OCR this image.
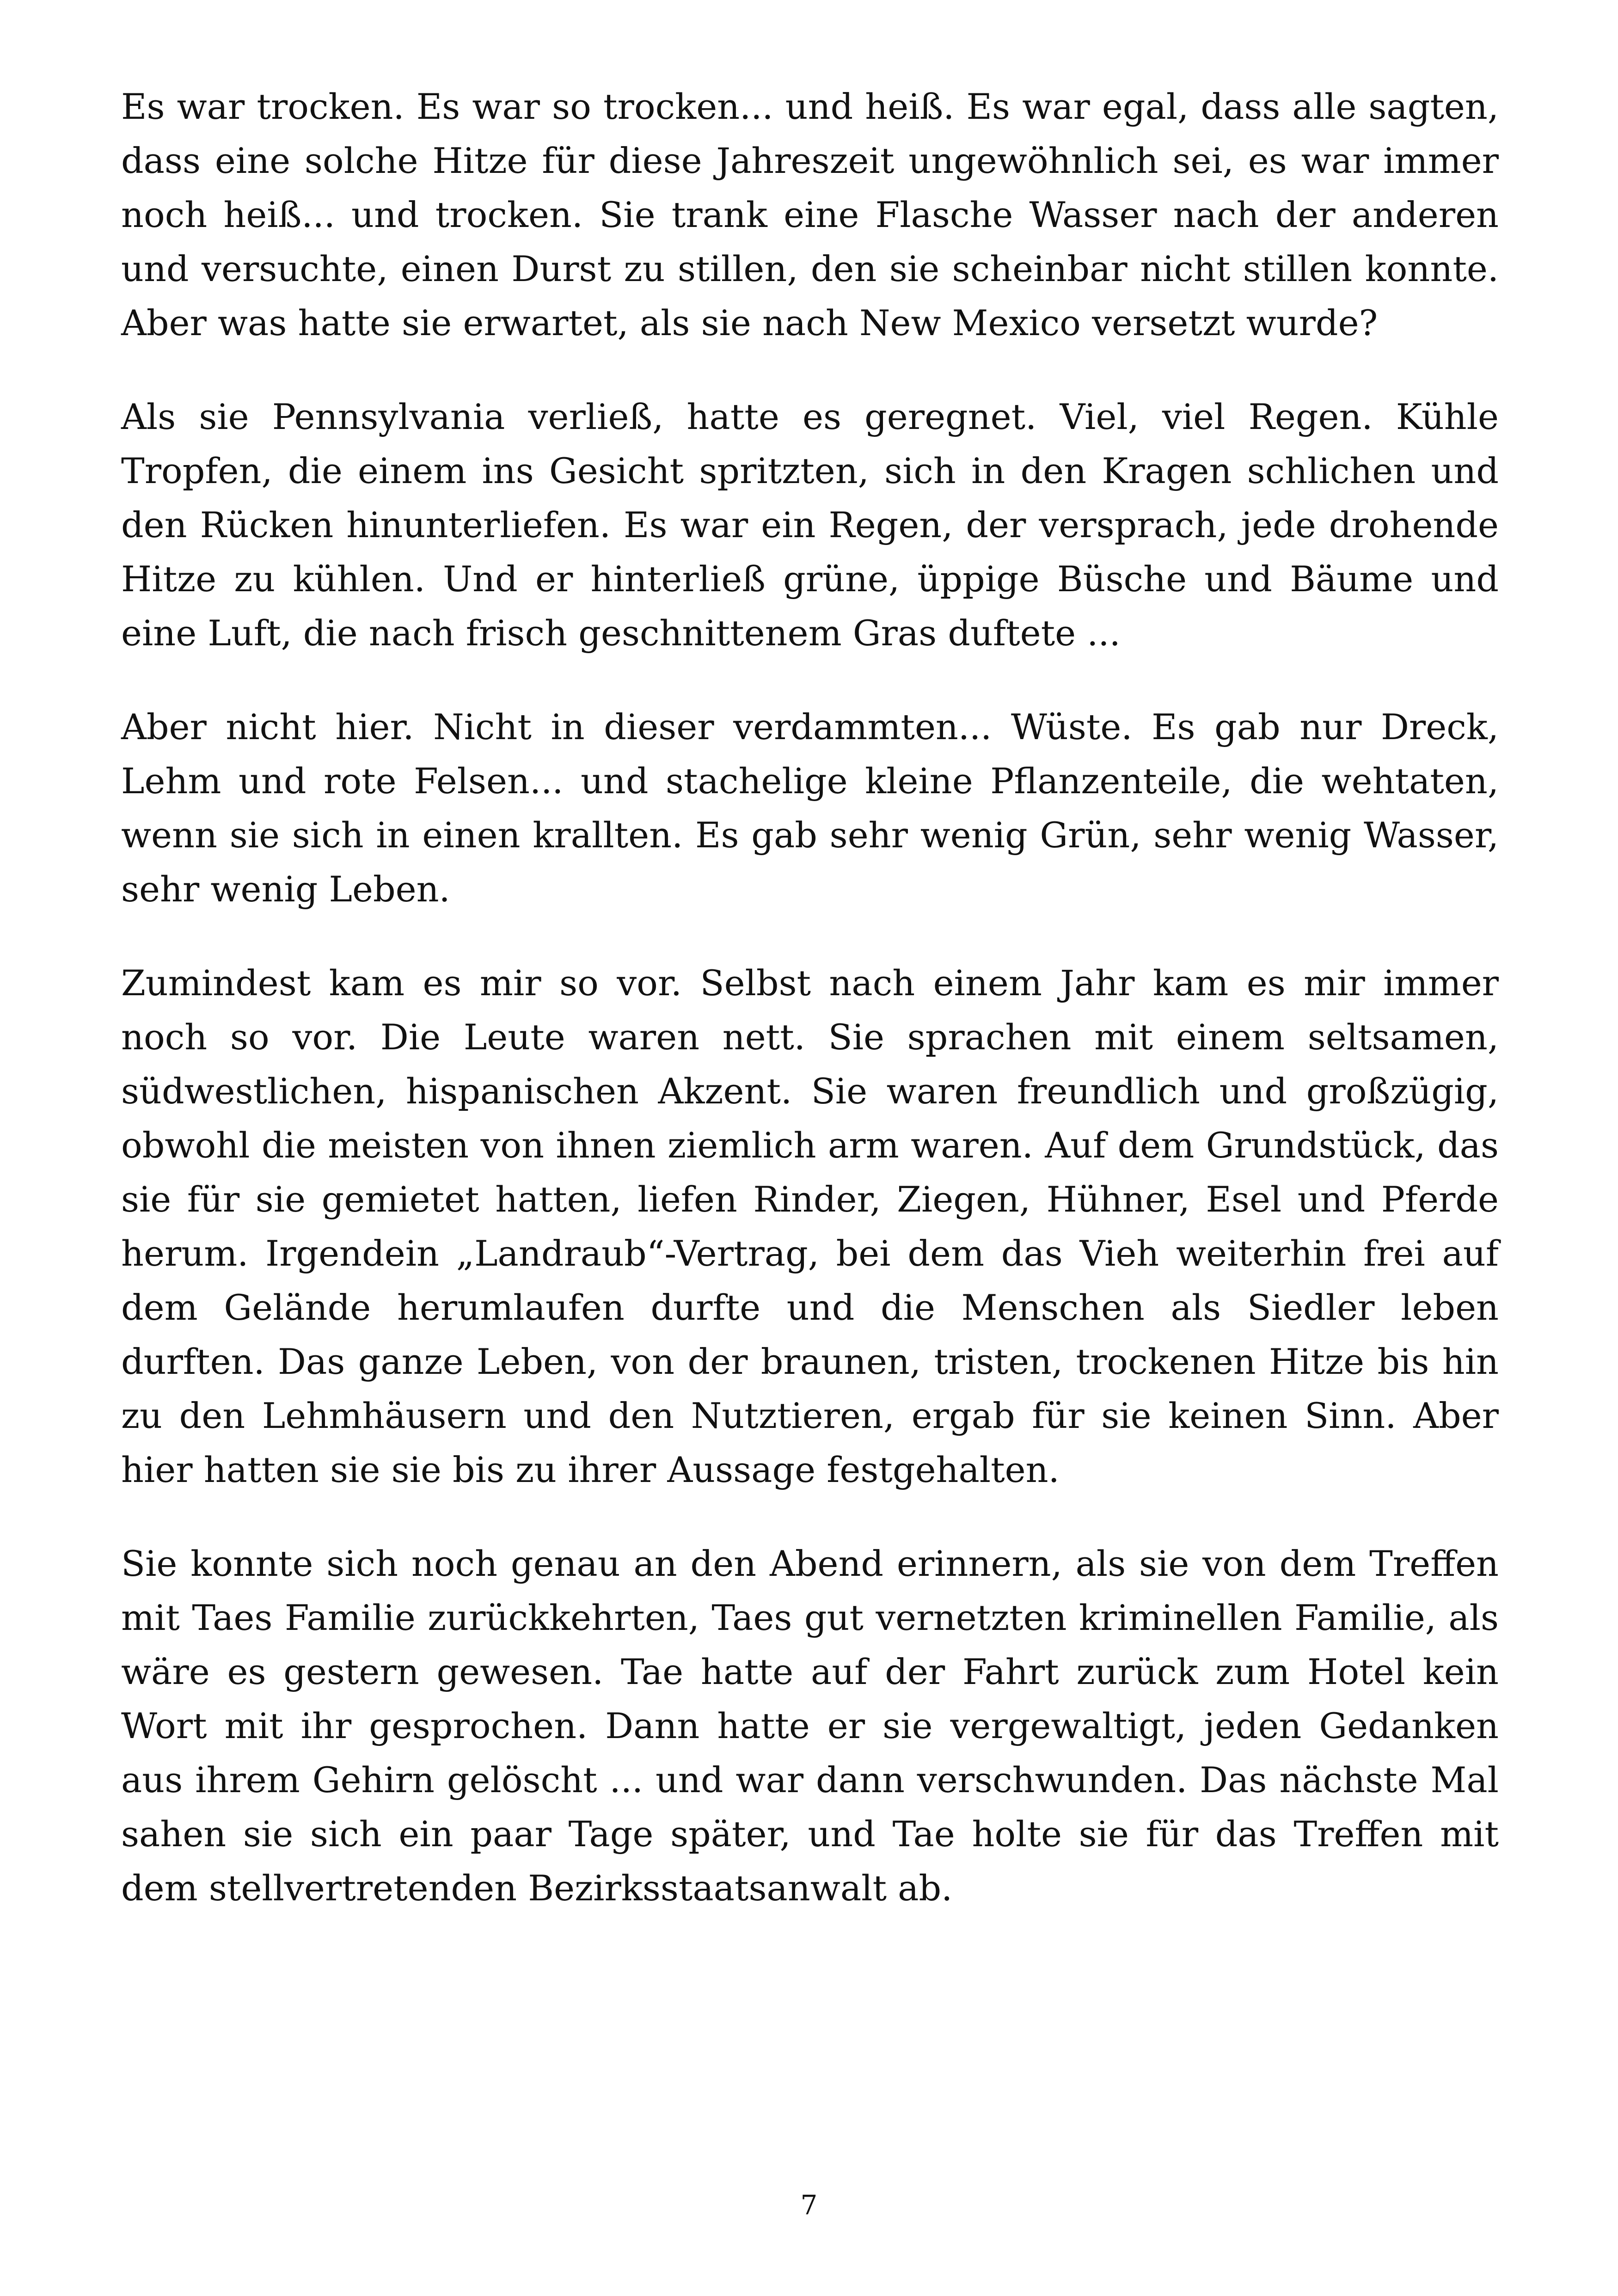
Es war trocken. Es war so trocken... und heiß. Es war egal, dass alle sagten, dass eine solche Hitze für diese Jahreszeit ungewöhnlich sei, es war immer noch heiß... und trocken. Sie trank eine Flasche Wasser nach der anderen und versuchte, einen Durst zu stillen, den sie scheinbar nicht stillen konnte. Aber was hatte sie erwartet, als sie nach New Mexico versetzt wurde?

Als sie Pennsylvania verließ, hatte es geregnet. Viel, viel Regen. Kühle Tropfen, die einem ins Gesicht spritzten, sich in den Kragen schlichen und den Rücken hinunterliefen. Es war ein Regen, der versprach, jede drohende Hitze zu kühlen. Und er hinterließ grüne, üppige Büsche und Bäume und eine Luft, die nach frisch geschnittenem Gras duftete ...

Aber nicht hier. Nicht in dieser verdammten... Wüste. Es gab nur Dreck, Lehm und rote Felsen... und stachelige kleine Pflanzenteile, die wehtaten, wenn sie sich in einen krallten. Es gab sehr wenig Grün, sehr wenig Wasser, sehr wenig Leben.

Zumindest kam es mir so vor. Selbst nach einem Jahr kam es mir immer noch so vor. Die Leute waren nett. Sie sprachen mit einem seltsamen, südwestlichen, hispanischen Akzent. Sie waren freundlich und großzügig, obwohl die meisten von ihnen ziemlich arm waren. Auf dem Grundstück, das sie für sie gemietet hatten, liefen Rinder, Ziegen, Hühner, Esel und Pferde herum. Irgendein „Landraub“-Vertrag, bei dem das Vieh weiterhin frei auf dem Gelände herumlaufen durfte und die Menschen als Siedler leben durften. Das ganze Leben, von der braunen, tristen, trockenen Hitze bis hin zu den Lehmhäusern und den Nutztieren, ergab für sie keinen Sinn. Aber hier hatten sie sie bis zu ihrer Aussage festgehalten.

Sie konnte sich noch genau an den Abend erinnern, als sie von dem Treffen mit Taes Familie zurückkehrten, Taes gut vernetzten kriminellen Familie, als wäre es gestern gewesen. Tae hatte auf der Fahrt zurück zum Hotel kein Wort mit ihr gesprochen. Dann hatte er sie vergewaltigt, jeden Gedanken aus ihrem Gehirn gelöscht ... und war dann verschwunden. Das nächste Mal sahen sie sich ein paar Tage später, und Tae holte sie für das Treffen mit dem stellvertretenden Bezirksstaatsanwalt ab.

7
